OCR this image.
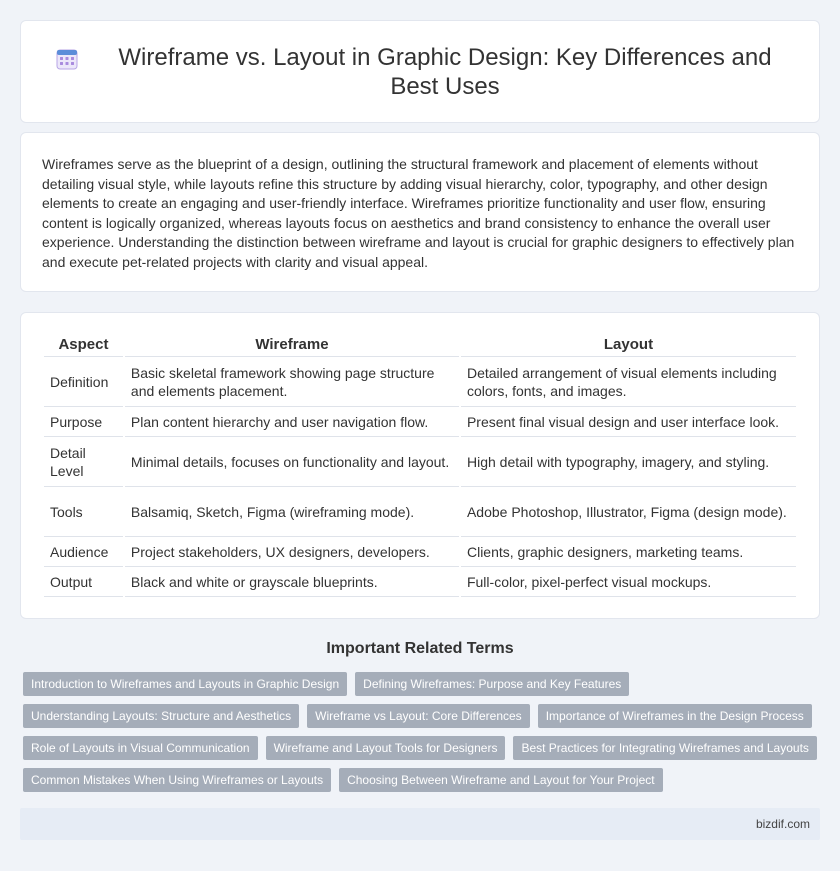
Wireframe vs. Layout in Graphic Design: Key Differences and Best Uses

Wireframes serve as the blueprint of a design, outlining the structural framework and placement of elements without detailing visual style, while layouts refine this structure by adding visual hierarchy, color, typography, and other design elements to create an engaging and user-friendly interface. Wireframes prioritize functionality and user flow, ensuring content is logically organized, whereas layouts focus on aesthetics and brand consistency to enhance the overall user experience. Understanding the distinction between wireframe and layout is crucial for graphic designers to effectively plan and execute pet-related projects with clarity and visual appeal.

Aspect	Wireframe	Layout
Definition	Basic skeletal framework showing page structure and elements placement.	Detailed arrangement of visual elements including colors, fonts, and images.
Purpose	Plan content hierarchy and user navigation flow.	Present final visual design and user interface look.
Detail Level	Minimal details, focuses on functionality and layout.	High detail with typography, imagery, and styling.
Tools	Balsamiq, Sketch, Figma (wireframing mode).	Adobe Photoshop, Illustrator, Figma (design mode).
Audience	Project stakeholders, UX designers, developers.	Clients, graphic designers, marketing teams.
Output	Black and white or grayscale blueprints.	Full-color, pixel-perfect visual mockups.
Important Related Terms
Introduction to Wireframes and Layouts in Graphic Design	Defining Wireframes: Purpose and Key Features
Understanding Layouts: Structure and Aesthetics	Wireframe vs Layout: Core Differences	Importance of Wireframes in the Design Process
Role of Layouts in Visual Communication	Wireframe and Layout Tools for Designers	Best Practices for Integrating Wireframes and Layouts
Common Mistakes When Using Wireframes or Layouts	Choosing Between Wireframe and Layout for Your Project
bizdif.com
